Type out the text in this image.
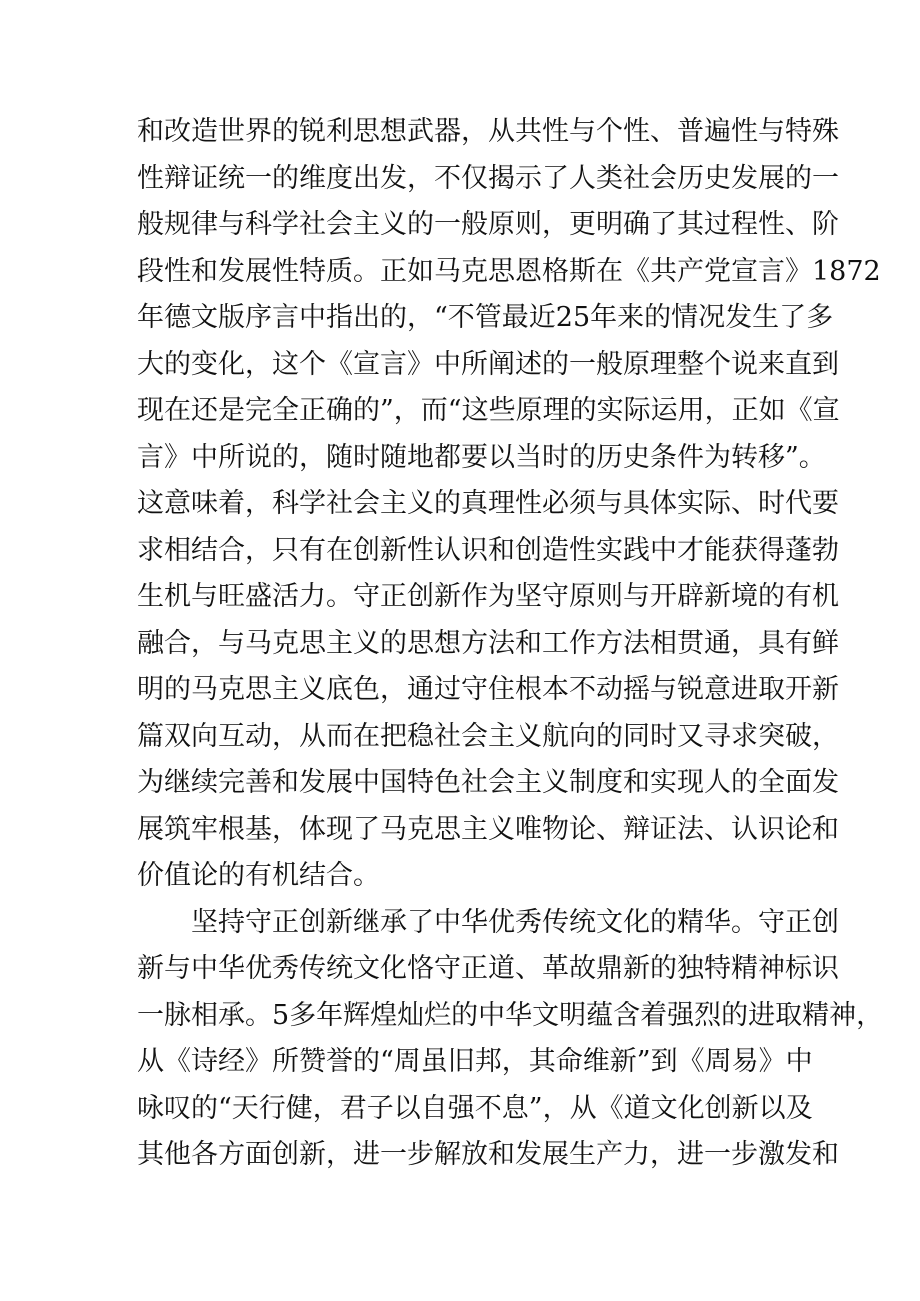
和改造世界的锐利思想武器，从共性与个性、普遍性与特殊
性辩证统一的维度出发，不仅揭示了人类社会历史发展的一
般规律与科学社会主义的一般原则，更明确了其过程性、阶
段性和发展性特质。正如马克思恩格斯在《共产党宣言》1872
年德文版序言中指出的，“不管最近25年来的情况发生了多
大的变化，这个《宣言》中所阐述的一般原理整个说来直到
现在还是完全正确的”，而“这些原理的实际运用，正如《宣
言》中所说的，随时随地都要以当时的历史条件为转移”。
这意味着，科学社会主义的真理性必须与具体实际、时代要
求相结合，只有在创新性认识和创造性实践中才能获得蓬勃
生机与旺盛活力。守正创新作为坚守原则与开辟新境的有机
融合，与马克思主义的思想方法和工作方法相贯通，具有鲜
明的马克思主义底色，通过守住根本不动摇与锐意进取开新
篇双向互动，从而在把稳社会主义航向的同时又寻求突破，
为继续完善和发展中国特色社会主义制度和实现人的全面发
展筑牢根基，体现了马克思主义唯物论、辩证法、认识论和
价值论的有机结合。
坚持守正创新继承了中华优秀传统文化的精华。守正创
新与中华优秀传统文化恪守正道、革故鼎新的独特精神标识
一脉相承。5多年辉煌灿烂的中华文明蕴含着强烈的进取精神，
从《诗经》所赞誉的“周虽旧邦，其命维新”到《周易》中
咏叹的“天行健，君子以自强不息”，从《道文化创新以及
其他各方面创新，进一步解放和发展生产力，进一步激发和
